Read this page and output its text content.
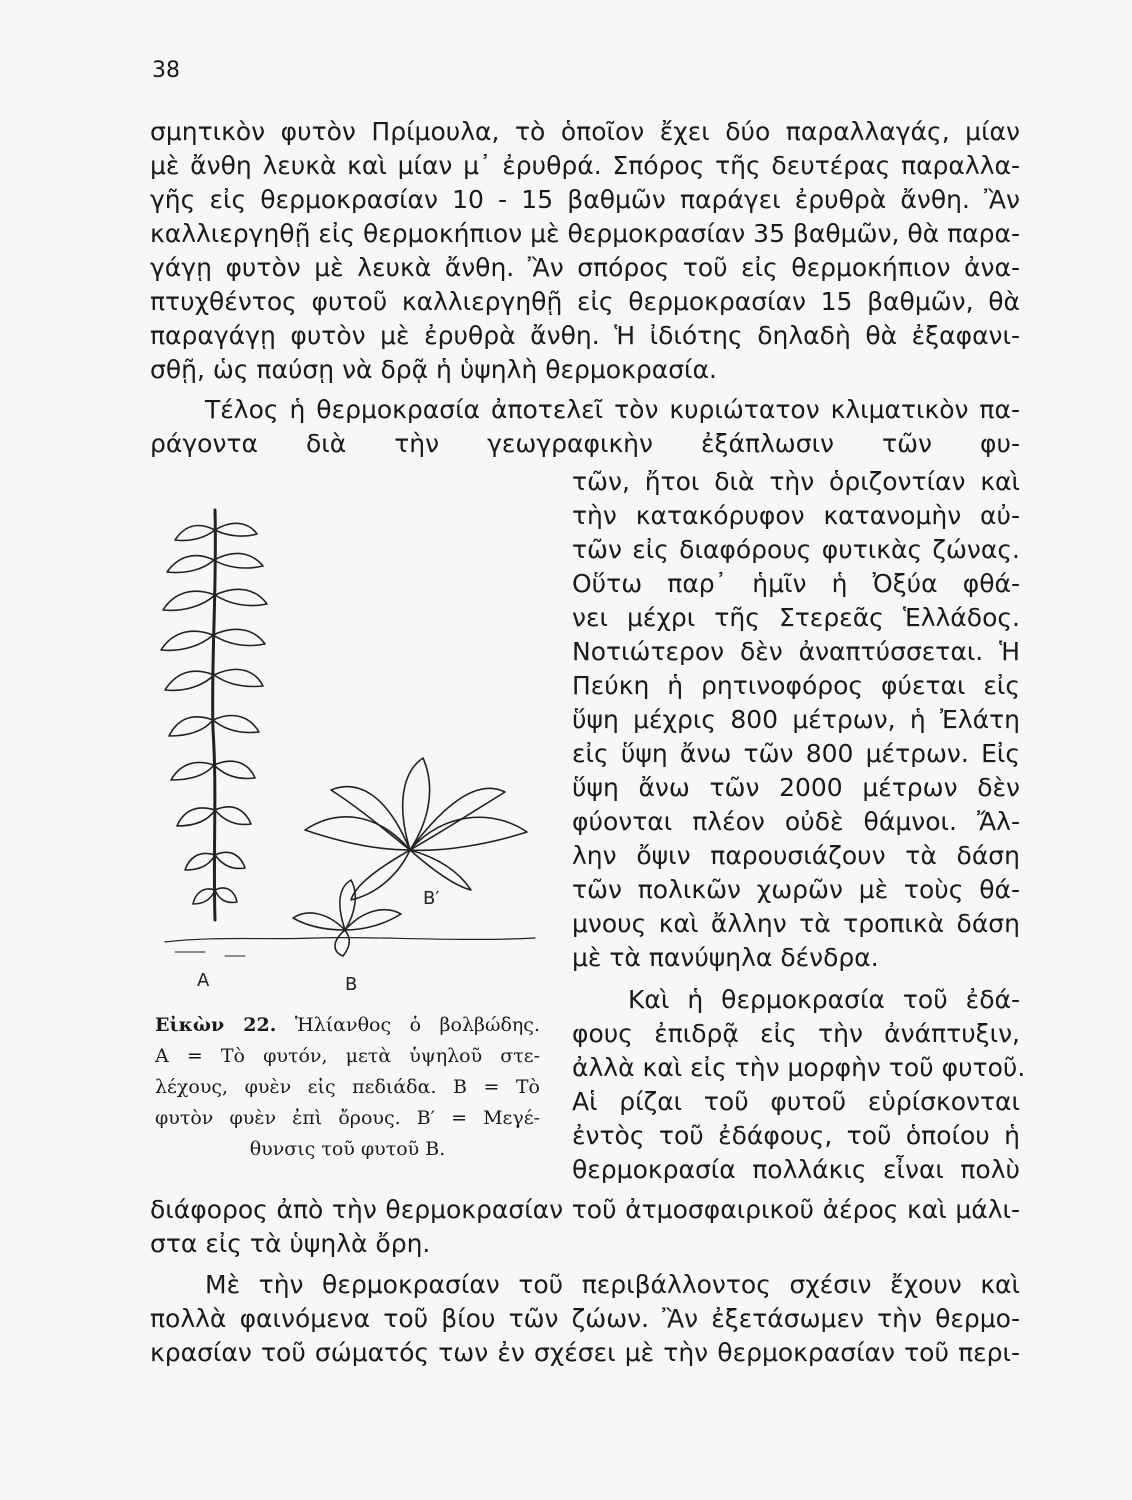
38
σμητικὸν φυτὸν Πρίμουλα, τὸ ὁποῖον ἔχει δύο παραλλαγάς, μίαν
μὲ ἄνθη λευκὰ καὶ μίαν μ᾽ ἐρυθρά. Σπόρος τῆς δευτέρας παραλλα-
γῆς εἰς θερμοκρασίαν 10 - 15 βαθμῶν παράγει ἐρυθρὰ ἄνθη. Ἂν
καλλιεργηθῇ εἰς θερμοκήπιον μὲ θερμοκρασίαν 35 βαθμῶν, θὰ παρα-
γάγῃ φυτὸν μὲ λευκὰ ἄνθη. Ἂν σπόρος τοῦ εἰς θερμοκήπιον ἀνα-
πτυχθέντος φυτοῦ καλλιεργηθῇ εἰς θερμοκρασίαν 15 βαθμῶν, θὰ
παραγάγῃ φυτὸν μὲ ἐρυθρὰ ἄνθη. Ἡ ἰδιότης δηλαδὴ θὰ ἐξαφανι-
σθῇ, ὡς παύσῃ νὰ δρᾷ ἡ ὑψηλὴ θερμοκρασία.
Τέλος ἡ θερμοκρασία ἀποτελεῖ τὸν κυριώτατον κλιματικὸν πα-
ράγοντα διὰ τὴν γεωγραφικὴν ἐξάπλωσιν τῶν φυ-
τῶν, ἤτοι διὰ τὴν ὁριζοντίαν καὶ
τὴν κατακόρυφον κατανομὴν αὐ-
τῶν εἰς διαφόρους φυτικὰς ζώνας.
Οὕτω παρ᾽ ἡμῖν ἡ Ὀξύα φθά-
νει μέχρι τῆς Στερεᾶς Ἑλλάδος.
Νοτιώτερον δὲν ἀναπτύσσεται. Ἡ
Πεύκη ἡ ρητινοφόρος φύεται εἰς
ὕψη μέχρις 800 μέτρων, ἡ Ἐλάτη
εἰς ὕψη ἄνω τῶν 800 μέτρων. Εἰς
ὕψη ἄνω τῶν 2000 μέτρων δὲν
φύονται πλέον οὐδὲ θάμνοι. Ἄλ-
λην ὄψιν παρουσιάζουν τὰ δάση
τῶν πολικῶν χωρῶν μὲ τοὺς θά-
μνους καὶ ἄλλην τὰ τροπικὰ δάση
μὲ τὰ πανύψηλα δένδρα.
Καὶ ἡ θερμοκρασία τοῦ ἐδά-
φους ἐπιδρᾷ εἰς τὴν ἀνάπτυξιν,
ἀλλὰ καὶ εἰς τὴν μορφὴν τοῦ φυτοῦ.
Αἱ ρίζαι τοῦ φυτοῦ εὑρίσκονται
ἐντὸς τοῦ ἐδάφους, τοῦ ὁποίου ἡ
θερμοκρασία πολλάκις εἶναι πολὺ
διάφορος ἀπὸ τὴν θερμοκρασίαν τοῦ ἀτμοσφαιρικοῦ ἀέρος καὶ μάλι-
στα εἰς τὰ ὑψηλὰ ὄρη.
Μὲ τὴν θερμοκρασίαν τοῦ περιβάλλοντος σχέσιν ἔχουν καὶ
πολλὰ φαινόμενα τοῦ βίου τῶν ζώων. Ἂν ἐξετάσωμεν τὴν θερμο-
κρασίαν τοῦ σώματός των ἐν σχέσει μὲ τὴν θερμοκρασίαν τοῦ περι-
A	B
B′
Εἰκὼν 22. Ἡλίανθος ὁ βολβώδης.
Α = Τὸ φυτόν, μετὰ ὑψηλοῦ στε-
λέχους, φυὲν εἰς πεδιάδα. Β = Τὸ
φυτὸν φυὲν ἐπὶ ὄρους. Β′ = Μεγέ-
θυνσις τοῦ φυτοῦ Β.
